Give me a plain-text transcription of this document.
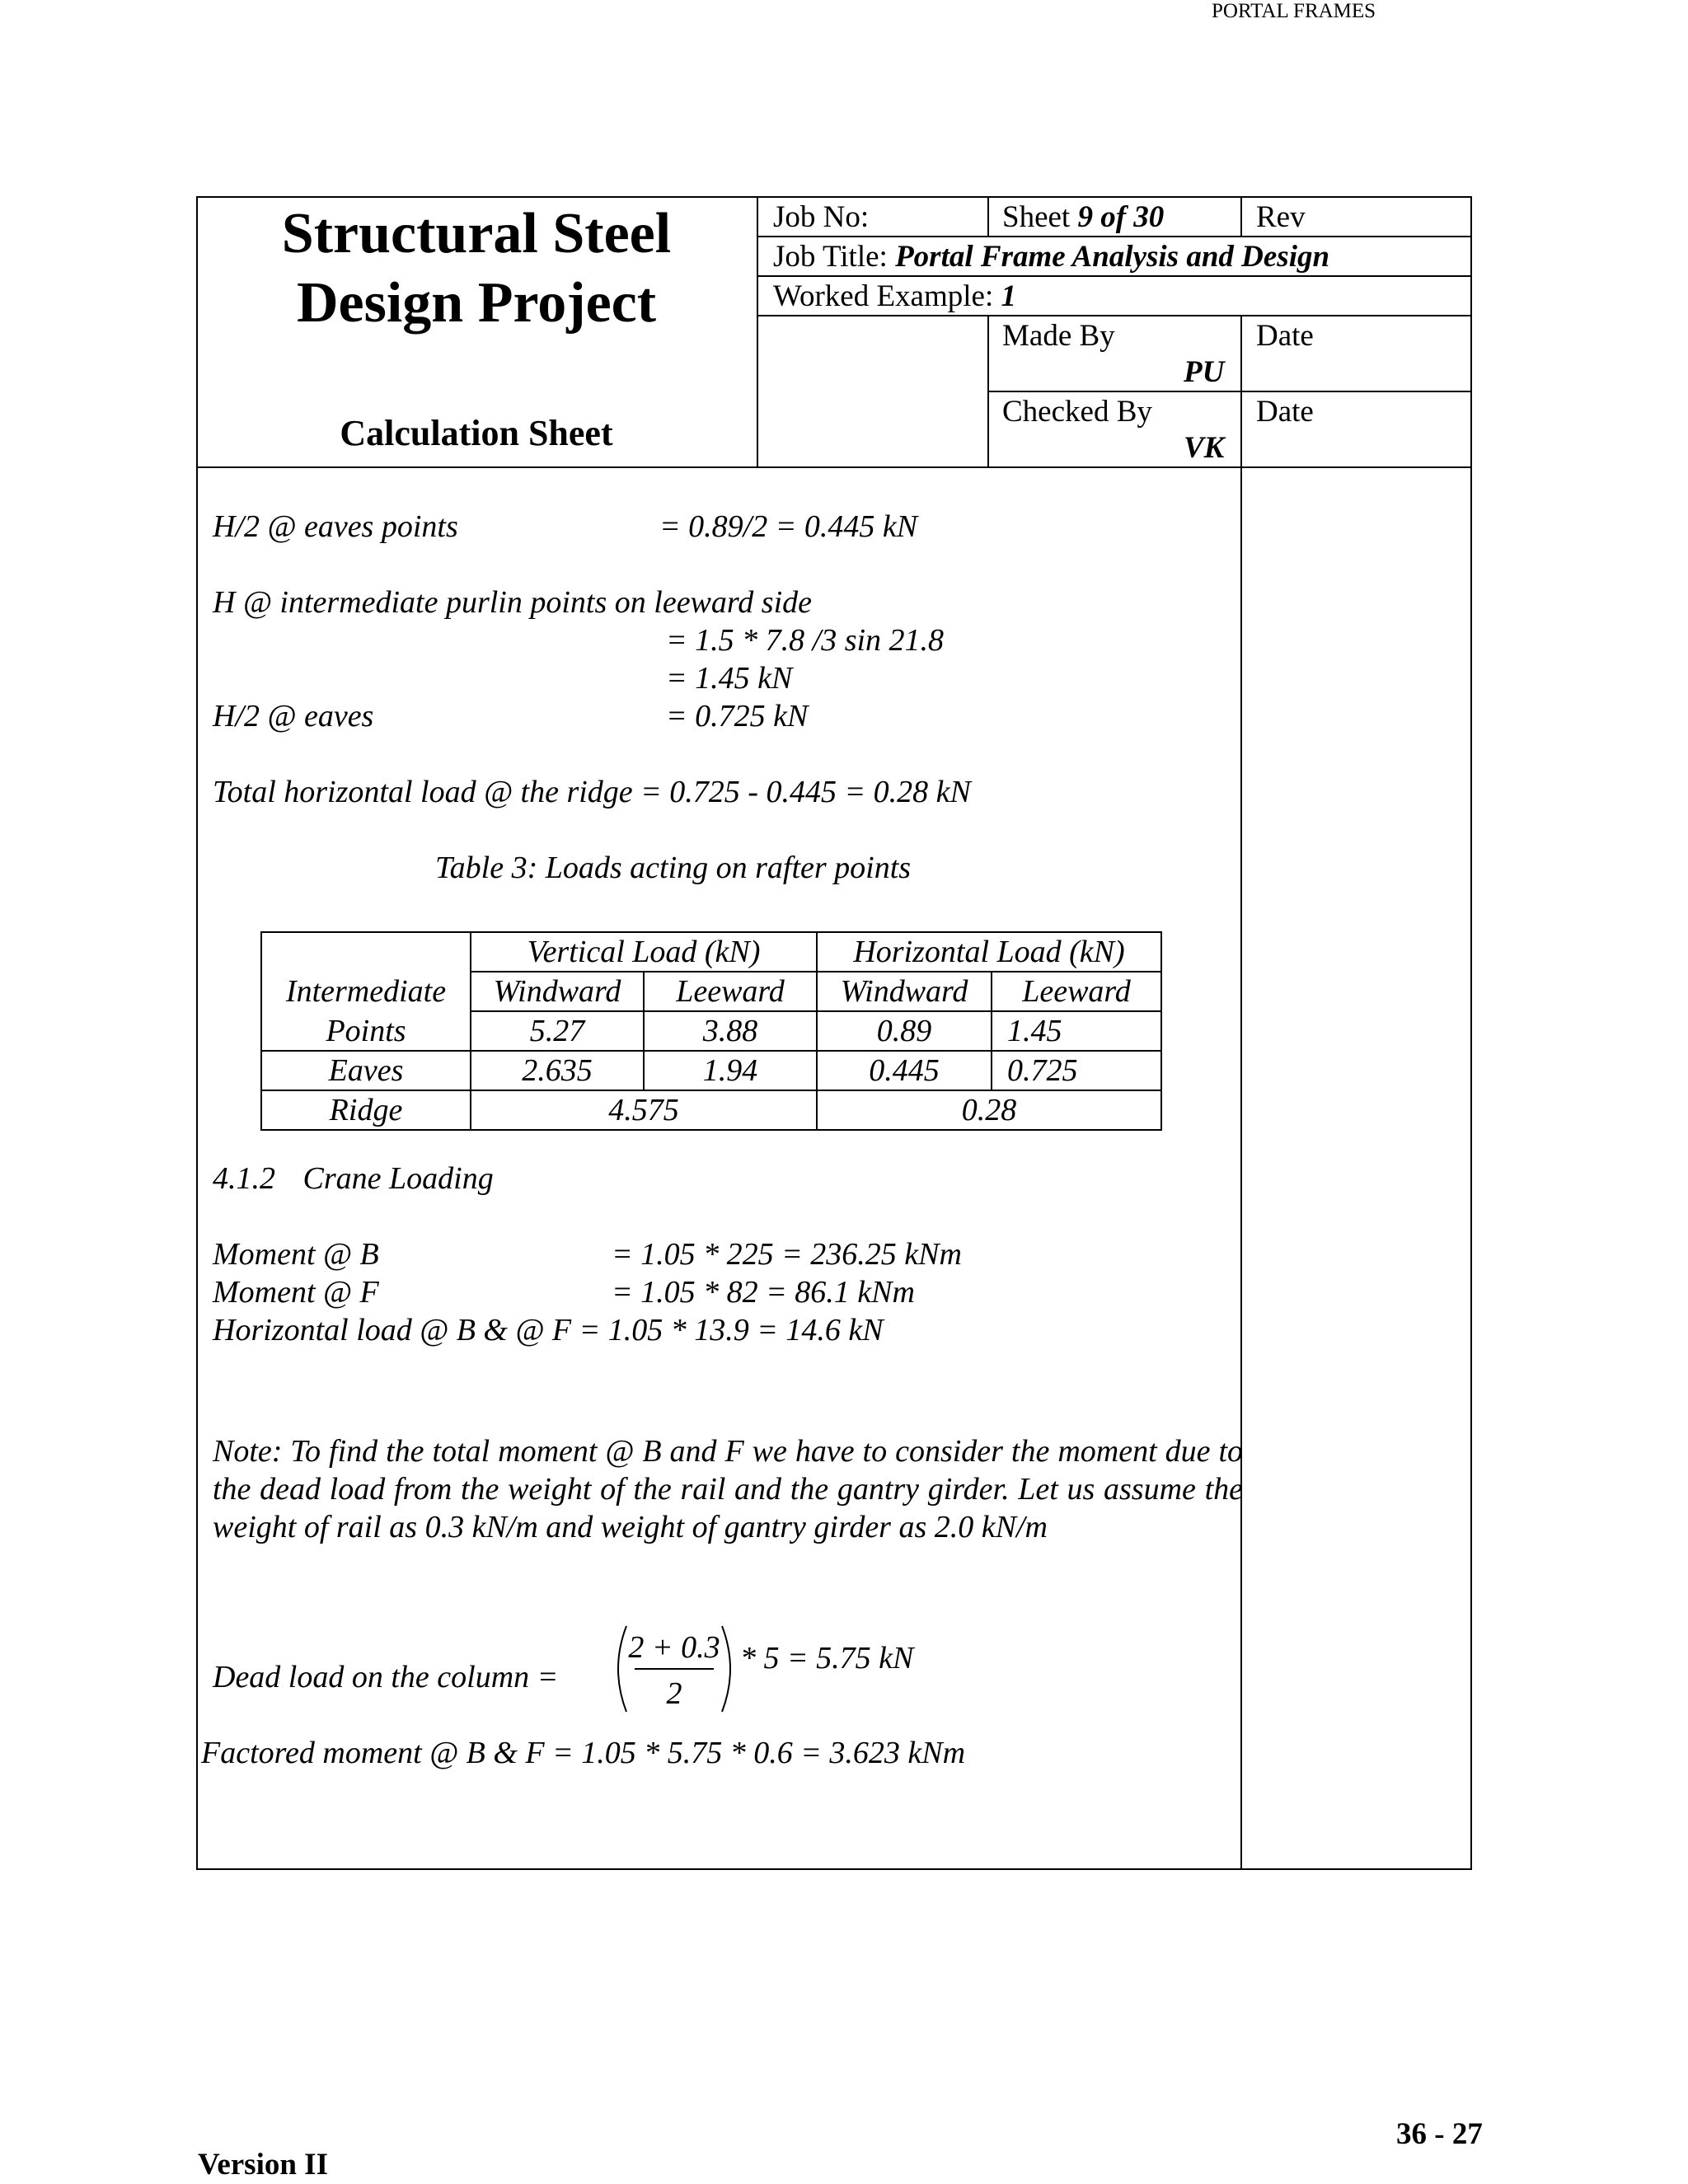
PORTAL FRAMES
Structural Steel
Design Project
Calculation Sheet
Job No:	Sheet 9 of 30	Rev
Job Title: Portal Frame Analysis and Design
Worked Example: 1
Made By
PU
Date
Checked By
VK
Date
H/2 @ eaves points	= 0.89/2 = 0.445 kN
H @ intermediate purlin points on leeward side
= 1.5 * 7.8 /3 sin 21.8
= 1.45 kN
H/2 @ eaves	= 0.725 kN
Total horizontal load @ the ridge = 0.725 - 0.445 = 0.28 kN
Table 3: Loads acting on rafter points
	Vertical Load (kN)		Horizontal Load (kN)	
Intermediate	Windward	Leeward	Windward	Leeward
Points	5.27	3.88	0.89	1.45
Eaves	2.635	1.94	0.445	0.725
Ridge	4.575		0.28	
4.1.2 Crane Loading
Moment @ B	= 1.05 * 225 = 236.25 kNm
Moment @ F	= 1.05 * 82 = 86.1 kNm
Horizontal load @ B & @ F = 1.05 * 13.9 = 14.6 kN
Note: To find the total moment @ B and F we have to consider the moment due to the dead load from the weight of the rail and the gantry girder. Let us assume the weight of rail as 0.3 kN/m and weight of gantry girder as 2.0 kN/m
Dead load on the column =
2 + 0.3
2
* 5 = 5.75 kN
Factored moment @ B & F = 1.05 * 5.75 * 0.6 = 3.623 kNm
36 - 27
Version II
